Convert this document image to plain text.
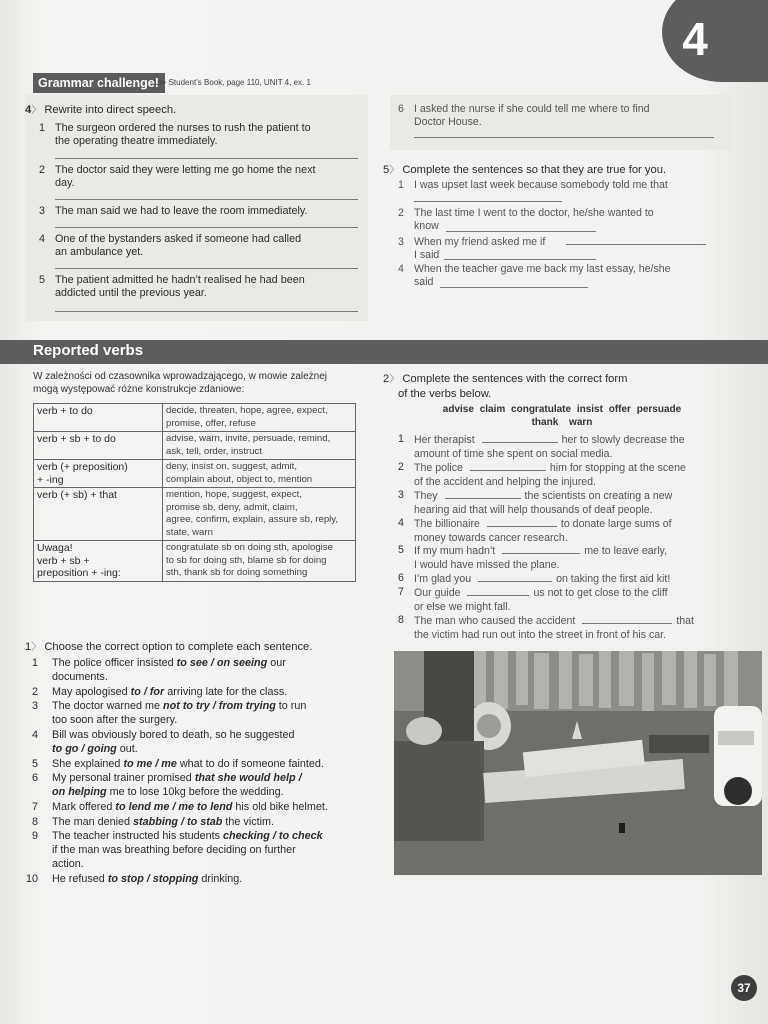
4
Grammar challenge! ≫ Student’s Book, page 110, UNIT 4, ex. 1
4〉 Rewrite into direct speech.
1 The surgeon ordered the nurses to rush the patient to
the operating theatre immediately.
2 The doctor said they were letting me go home the next
day.
3 The man said we had to leave the room immediately.
4 One of the bystanders asked if someone had called
an ambulance yet.
5 The patient admitted he hadn’t realised he had been
addicted until the previous year.
6 I asked the nurse if she could tell me where to find
Doctor House.
5〉 Complete the sentences so that they are true for you.
1 I was upset last week because somebody told me that
2 The last time I went to the doctor, he/she wanted to
know
3 When my friend asked me if
I said
4 When the teacher gave me back my last essay, he/she
said
Reported verbs
W zależności od czasownika wprowadzającego, w mowie zależnej
mogą występować różne konstrukcje zdaniowe:
verb + to do	decide, threaten, hope, agree, expect,
promise, offer, refuse
verb + sb + to do	advise, warn, invite, persuade, remind,
ask, tell, order, instruct
verb (+ preposition)
+ -ing	deny, insist on, suggest, admit,
complain about, object to, mention
verb (+ sb) + that	mention, hope, suggest, expect,
promise sb, deny, admit, claim,
agree, confirm, explain, assure sb, reply,
state, warn
Uwaga!
verb + sb +
preposition + -ing:	congratulate sb on doing sth, apologise
to sb for doing sth, blame sb for doing
sth, thank sb for doing something
1〉 Choose the correct option to complete each sentence.
1 The police officer insisted to see / on seeing our
documents.
2 May apologised to / for arriving late for the class.
3 The doctor warned me not to try / from trying to run
too soon after the surgery.
4 Bill was obviously bored to death, so he suggested
to go / going out.
5 She explained to me / me what to do if someone fainted.
6 My personal trainer promised that she would help /
on helping me to lose 10kg before the wedding.
7 Mark offered to lend me / me to lend his old bike helmet.
8 The man denied stabbing / to stab the victim.
9 The teacher instructed his students checking / to check
if the man was breathing before deciding on further
action.
10 He refused to stop / stopping drinking.
2〉 Complete the sentences with the correct form
of the verbs below.
advise claim congratulate insist offer persuade
thank warn
1 Her therapist	her to slowly decrease the
amount of time she spent on social media.
2 The police	him for stopping at the scene
of the accident and helping the injured.
3 They	the scientists on creating a new
hearing aid that will help thousands of deaf people.
4 The billionaire	to donate large sums of
money towards cancer research.
5 If my mum hadn’t	me to leave early,
I would have missed the plane.
6 I’m glad you	on taking the first aid kit!
7 Our guide	us not to get close to the cliff
or else we might fall.
8 The man who caused the accident	that
the victim had run out into the street in front of his car.
37
